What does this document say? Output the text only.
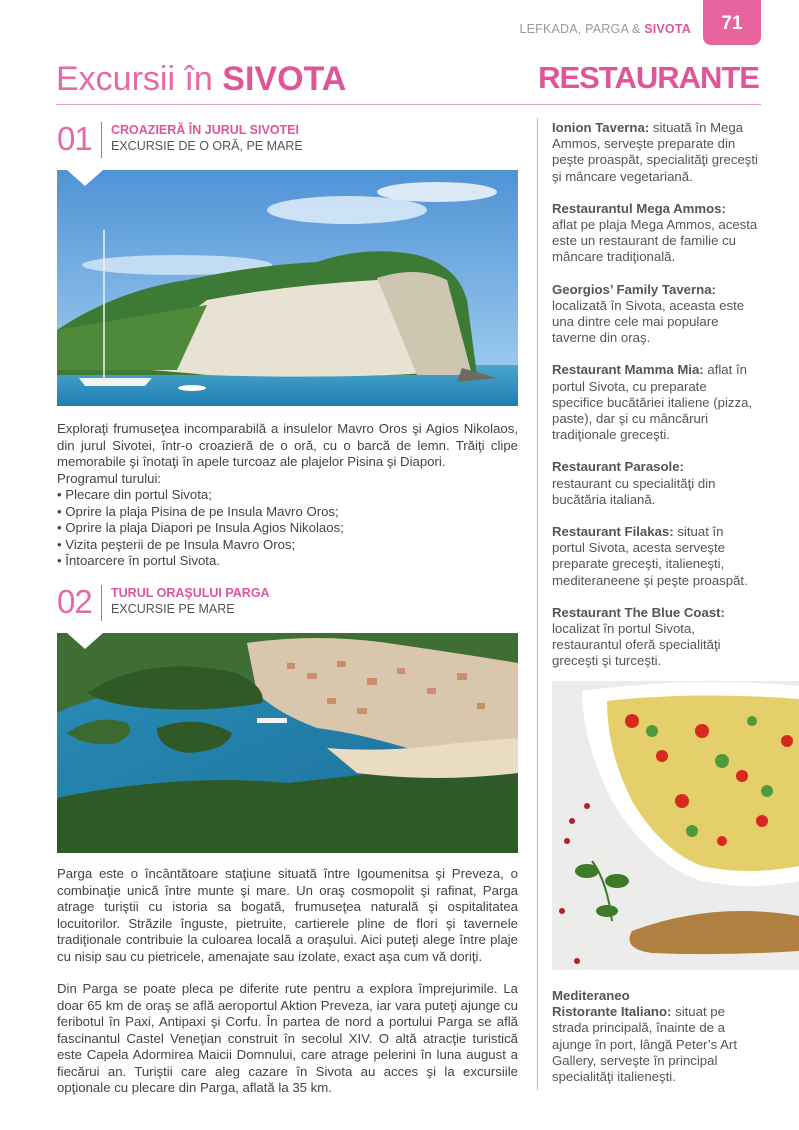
LEFKADA, PARGA & SIVOTA	71
Excursii în SIVOTA	RESTAURANTE
01 CROAZIERĂ ÎN JURUL SIVOTEI
EXCURSIE DE O ORĂ, PE MARE

Exploraţi frumuseţea incomparabilă a insulelor Mavro Oros şi Agios Nikolaos, din jurul Sivotei, într-o croazieră de o oră, cu o barcă de lemn. Trăiţi clipe memorabile şi înotaţi în apele turcoaz ale plajelor Pisina şi Diapori.

Programul turului:

• Plecare din portul Sivota;
• Oprire la plaja Pisina de pe Insula Mavro Oros;
• Oprire la plaja Diapori pe Insula Agios Nikolaos;
• Vizita peşterii de pe Insula Mavro Oros;
• Întoarcere în portul Sivota.
02 TURUL ORAŞULUI PARGA
EXCURSIE PE MARE

Parga este o încântătoare staţiune situată între Igoumenitsa şi Preveza, o combinaţie unică între munte şi mare. Un oraş cosmopolit şi rafinat, Parga atrage turiştii cu istoria sa bogată, frumuseţea naturală şi ospitalitatea locuitorilor. Străzile înguste, pietruite, cartierele pline de flori şi tavernele tradiţionale contribuie la culoarea locală a oraşului. Aici puteţi alege între plaje cu nisip sau cu pietricele, amenajate sau izolate, exact aşa cum vă doriţi.

Din Parga se poate pleca pe diferite rute pentru a explora împrejurimile. La doar 65 km de oraş se află aeroportul Aktion Preveza, iar vara puteţi ajunge cu feribotul în Paxi, Antipaxi şi Corfu. În partea de nord a portului Parga se află fascinantul Castel Veneţian construit în secolul XIV. O altă atracţie turistică este Capela Adormirea Maicii Domnului, care atrage pelerini în luna august a fiecărui an. Turiştii care aleg cazare în Sivota au acces şi la excursiile opţionale cu plecare din Parga, aflată la 35 km.

Ionion Taverna: situată în Mega Ammos, serveşte preparate din peşte proaspăt, specialităţi greceşti şi mâncare vegetariană.
Restaurantul Mega Ammos:
aflat pe plaja Mega Ammos, acesta este un restaurant de familie cu mâncare tradiţională.
Georgios’ Family Taverna:
localizată în Sivota, aceasta este una dintre cele mai populare taverne din oraş.
Restaurant Mamma Mia: aflat în portul Sivota, cu preparate specifice bucătăriei italiene (pizza, paste), dar şi cu mâncăruri tradiţionale greceşti.
Restaurant Parasole:
restaurant cu specialităţi din bucătăria italiană.
Restaurant Filakas: situat în portul Sivota, acesta serveşte preparate greceşti, italieneşti, mediteraneene şi peşte proaspăt.
Restaurant The Blue Coast:
localizat în portul Sivota, restaurantul oferă specialităţi greceşti şi turceşti.
Mediteraneo
Ristorante Italiano: situat pe strada principală, înainte de a ajunge în port, lângă Peter’s Art Gallery, serveşte în principal specialităţi italieneşti.
